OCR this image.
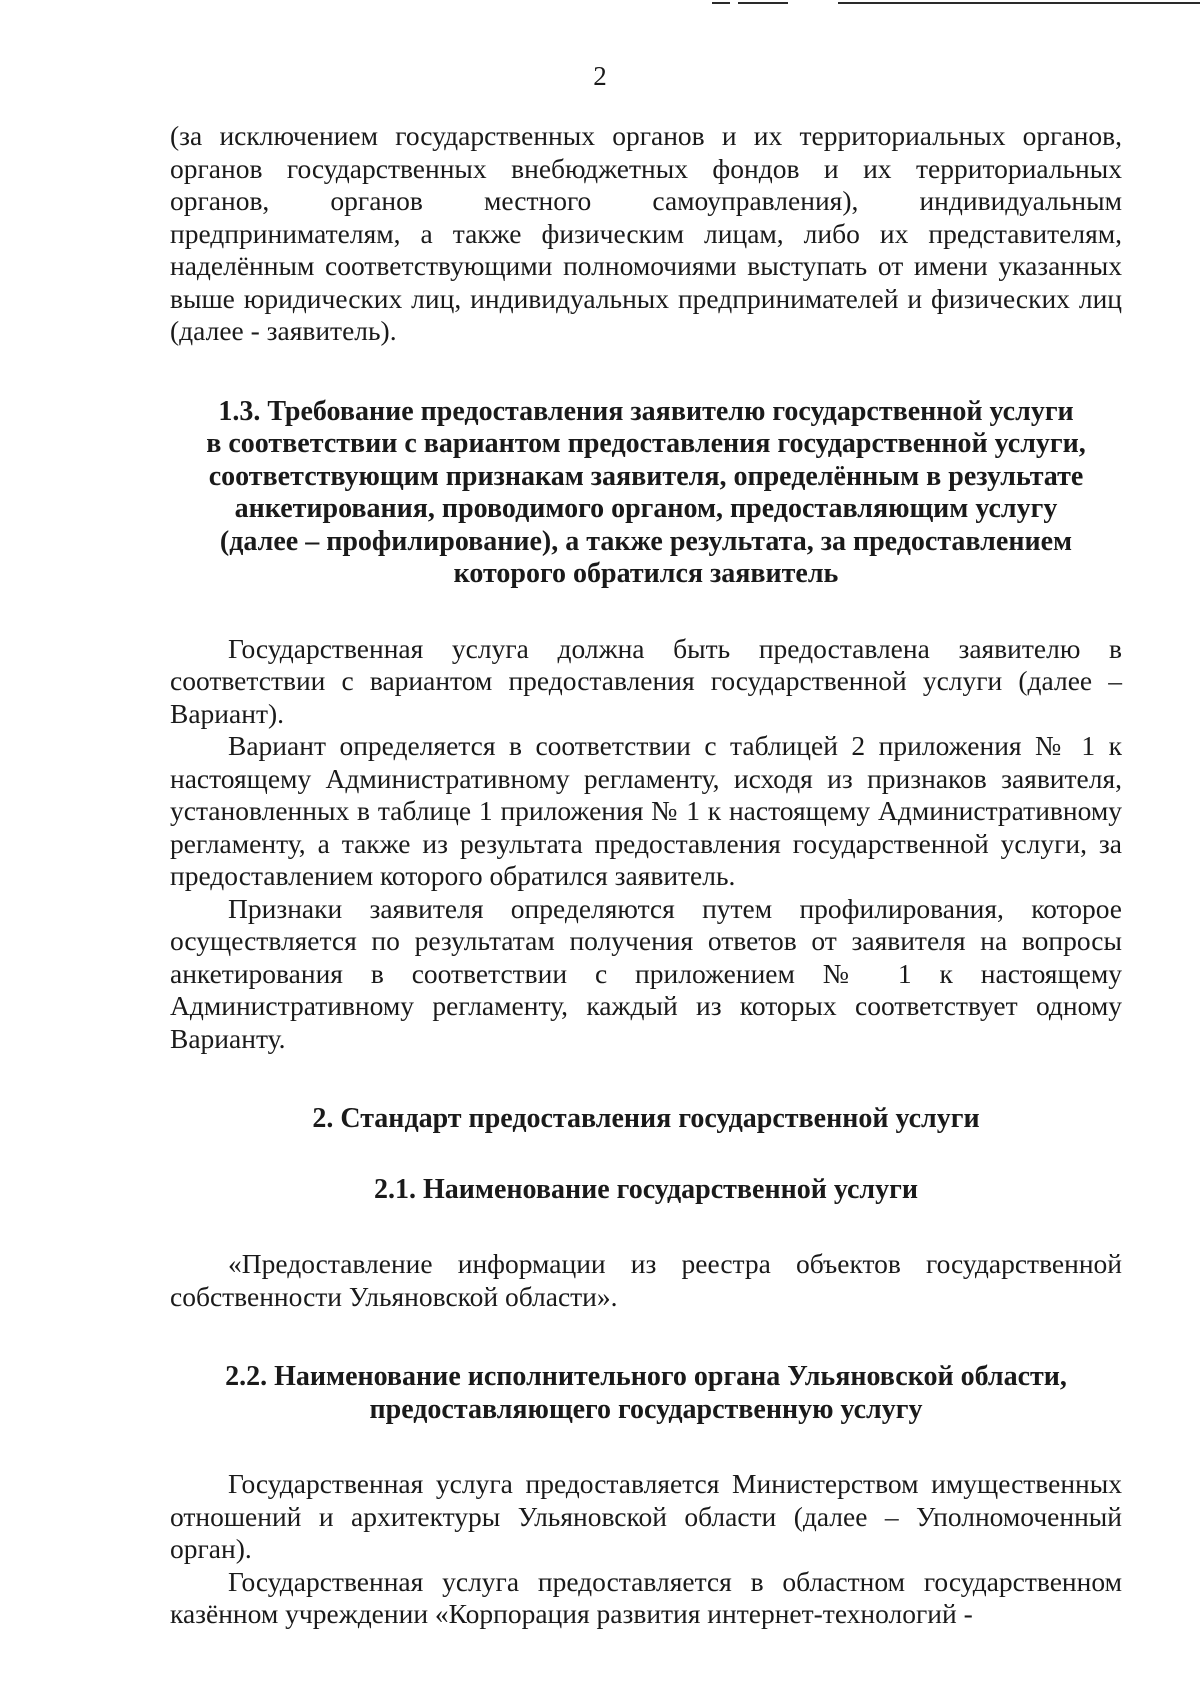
2

(за исключением государственных органов и их территориальных органов, органов государственных внебюджетных фондов и их территориальных органов, органов местного самоуправления), индивидуальным предпринимателям, а также физическим лицам, либо их представителям, наделённым соответствующими полномочиями выступать от имени указанных выше юридических лиц, индивидуальных предпринимателей и физических лиц (далее - заявитель).

1.3. Требование предоставления заявителю государственной услуги
в соответствии с вариантом предоставления государственной услуги,
соответствующим признакам заявителя, определённым в результате
анкетирования, проводимого органом, предоставляющим услугу
(далее – профилирование), а также результата, за предоставлением
которого обратился заявитель

Государственная услуга должна быть предоставлена заявителю в соответствии с вариантом предоставления государственной услуги (далее – Вариант).

Вариант определяется в соответствии с таблицей 2 приложения № 1 к настоящему Административному регламенту, исходя из признаков заявителя, установленных в таблице 1 приложения № 1 к настоящему Административному регламенту, а также из результата предоставления государственной услуги, за предоставлением которого обратился заявитель.

Признаки заявителя определяются путем профилирования, которое осуществляется по результатам получения ответов от заявителя на вопросы анкетирования в соответствии с приложением № 1 к настоящему Административному регламенту, каждый из которых соответствует одному Варианту.

2. Стандарт предоставления государственной услуги
2.1. Наименование государственной услуги

«Предоставление информации из реестра объектов государственной собственности Ульяновской области».

2.2. Наименование исполнительного органа Ульяновской области,
предоставляющего государственную услугу

Государственная услуга предоставляется Министерством имущественных отношений и архитектуры Ульяновской области (далее – Уполномоченный орган).

Государственная услуга предоставляется в областном государственном казённом учреждении «Корпорация развития интернет-технологий -
